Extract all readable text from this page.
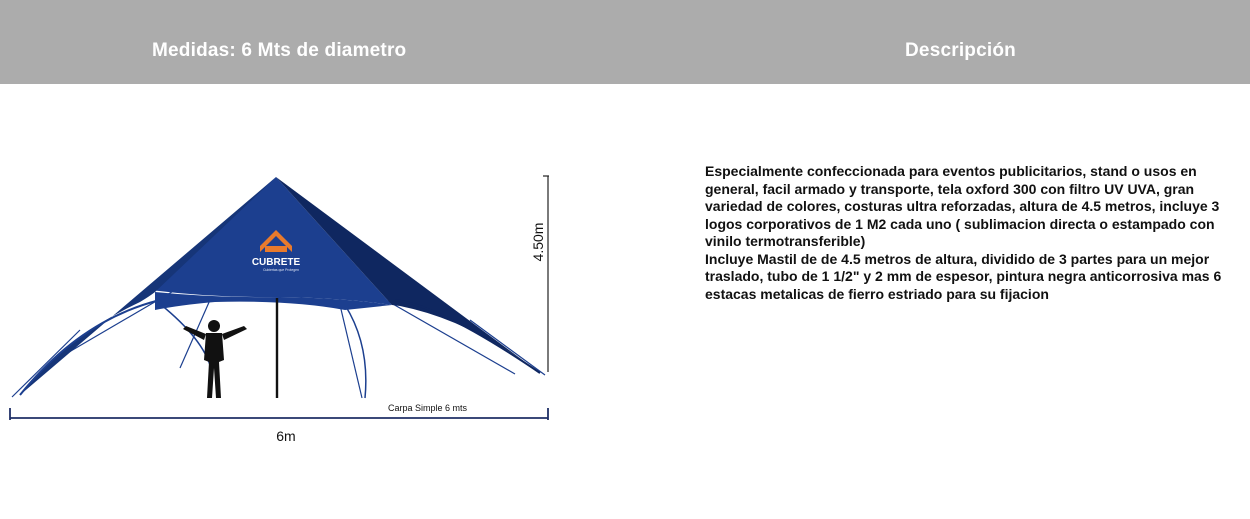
Medidas: 6 Mts de diametro	Descripción
CUBRETE
Cubiertas que Protegen
4.50m
6m
Carpa Simple 6 mts

Especialmente confeccionada para eventos publicitarios, stand o usos en general, facil armado y transporte, tela oxford 300 con filtro UV UVA, gran variedad de colores, costuras ultra reforzadas, altura de 4.5 metros, incluye 3 logos corporativos de 1 M2 cada uno ( sublimacion directa o estampado con vinilo termotransferible)

Incluye Mastil de de 4.5 metros de altura, dividido de 3 partes para un mejor traslado, tubo de 1 1/2" y 2 mm de espesor, pintura negra anticorrosiva mas 6 estacas metalicas de fierro estriado para su fijacion
